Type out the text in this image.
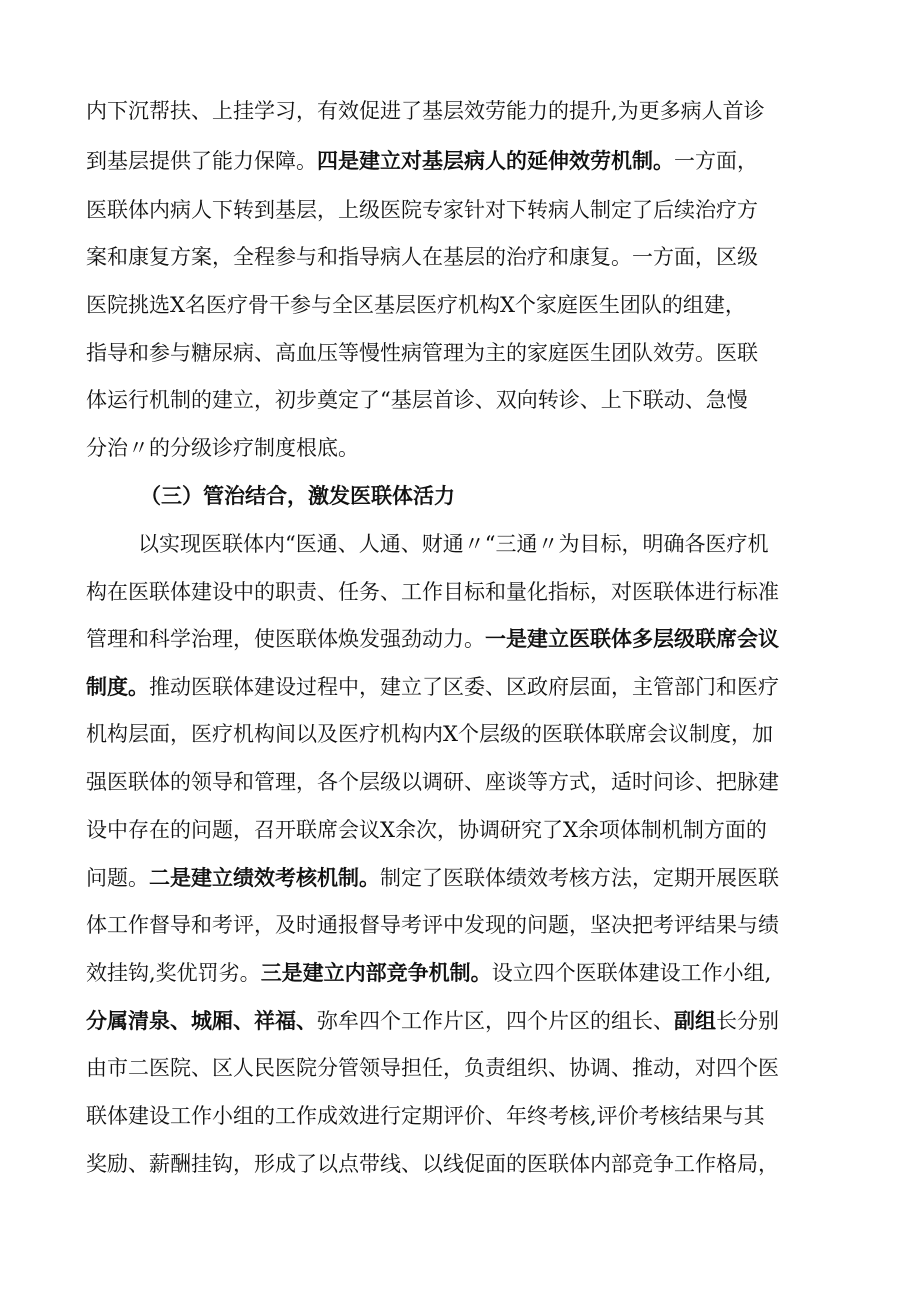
内下沉帮扶、上挂学习，有效促进了基层效劳能力的提升,为更多病人首诊
到基层提供了能力保障。四是建立对基层病人的延伸效劳机制。一方面，
医联体内病人下转到基层，上级医院专家针对下转病人制定了后续治疗方
案和康复方案，全程参与和指导病人在基层的治疗和康复。一方面，区级
医院挑选X名医疗骨干参与全区基层医疗机构X个家庭医生团队的组建，
指导和参与糖尿病、高血压等慢性病管理为主的家庭医生团队效劳。医联
体运行机制的建立，初步奠定了“基层首诊、双向转诊、上下联动、急慢
分治〃的分级诊疗制度根底。
（三）管治结合，激发医联体活力
以实现医联体内“医通、人通、财通〃“三通〃为目标，明确各医疗机
构在医联体建设中的职责、任务、工作目标和量化指标，对医联体进行标准
管理和科学治理，使医联体焕发强劲动力。一是建立医联体多层级联席会议
制度。推动医联体建设过程中，建立了区委、区政府层面，主管部门和医疗
机构层面，医疗机构间以及医疗机构内X个层级的医联体联席会议制度，加
强医联体的领导和管理，各个层级以调研、座谈等方式，适时问诊、把脉建
设中存在的问题，召开联席会议X余次，协调研究了X余项体制机制方面的
问题。二是建立绩效考核机制。制定了医联体绩效考核方法，定期开展医联
体工作督导和考评，及时通报督导考评中发现的问题，坚决把考评结果与绩
效挂钩,奖优罚劣。三是建立内部竞争机制。设立四个医联体建设工作小组,
分属清泉、城厢、祥福、弥牟四个工作片区，四个片区的组长、副组长分别
由市二医院、区人民医院分管领导担任，负责组织、协调、推动，对四个医
联体建设工作小组的工作成效进行定期评价、年终考核,评价考核结果与其
奖励、薪酬挂钩，形成了以点带线、以线促面的医联体内部竞争工作格局，
